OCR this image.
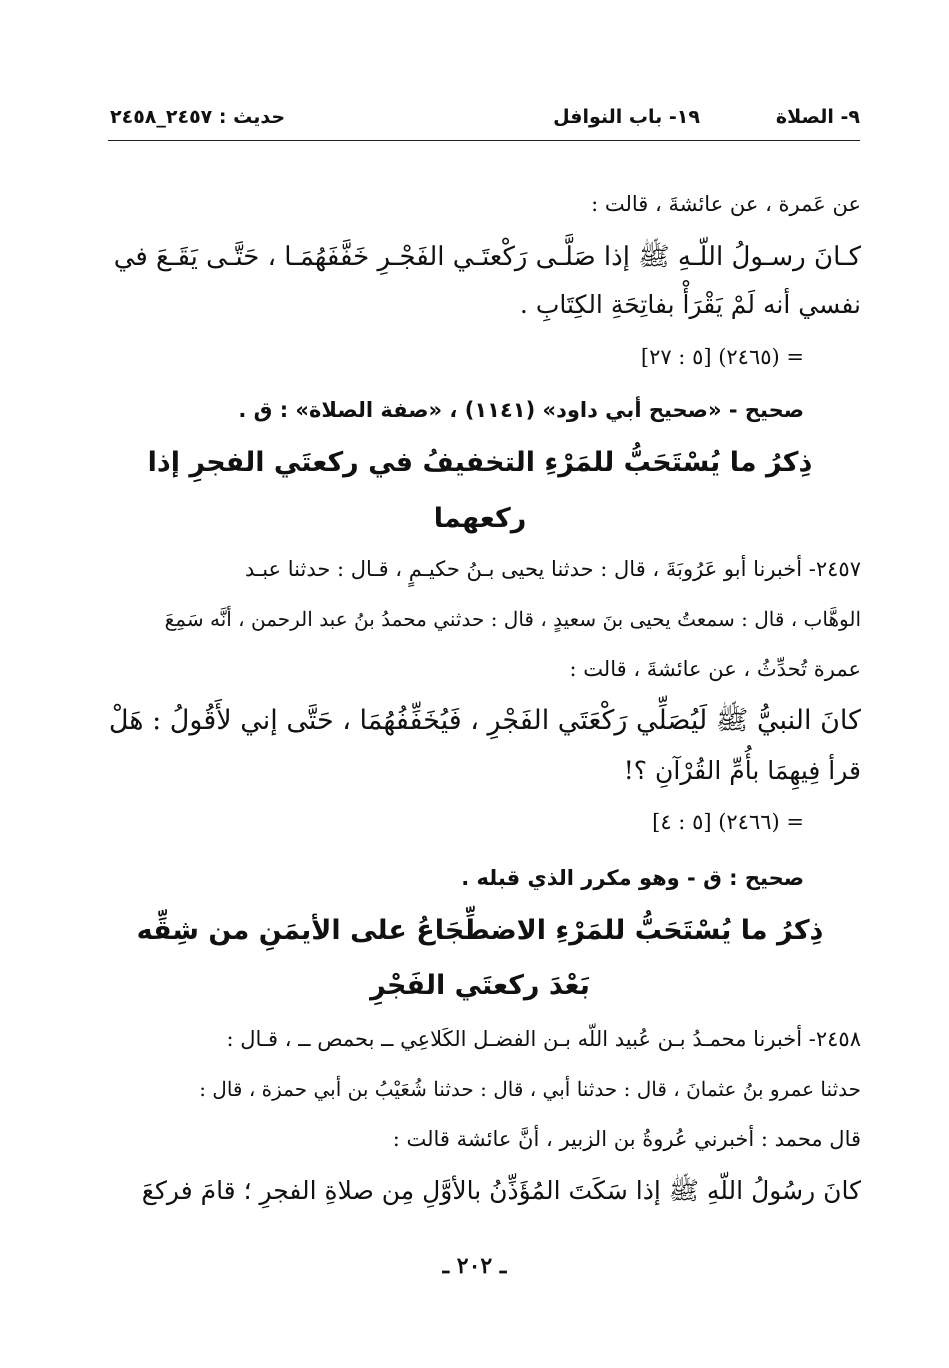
٩- الصلاة
١٩- باب النوافل
حديث : ٢٤٥٧_٢٤٥٨
عن عَمرة ، عن عائشةَ ، قالت :
كـانَ رسـولُ اللّـهِ ﷺ إذا صَلَّـى رَكْعتَـي الفَجْـرِ خَفَّفَهُمَـا ، حَتَّـى يَقَـعَ في
نفسي أنه لَمْ يَقْرَأْ بفاتِحَةِ الكِتَابِ .
= (٢٤٦٥) [٥ : ٢٧]
صحيح - «صحيح أبي داود» (١١٤١) ، «صفة الصلاة» : ق .
ذِكرُ ما يُسْتَحَبُّ للمَرْءِ التخفيفُ في ركعتَي الفجرِ إذا
ركعهما
٢٤٥٧- أخبرنا أبو عَرُوبَةَ ، قال : حدثنا يحيى بـنُ حكيـمٍ ، قـال : حدثنا عبـد
الوهَّاب ، قال : سمعتُ يحيى بنَ سعيدٍ ، قال : حدثني محمدُ بنُ عبد الرحمن ، أنَّه سَمِعَ
عمرة تُحدِّثُ ، عن عائشةَ ، قالت :
كانَ النبيُّ ﷺ لَيُصَلِّي رَكْعَتَي الفَجْرِ ، فَيُخَفِّفُهُمَا ، حَتَّى إني لأَقُولُ : هَلْ
قرأ فِيهِمَا بأُمِّ القُرْآنِ ؟!
= (٢٤٦٦) [٥ : ٤]
صحيح : ق - وهو مكرر الذي قبله .
ذِكرُ ما يُسْتَحَبُّ للمَرْءِ الاضطِّجَاعُ على الأيمَنِ من شِقِّه
بَعْدَ ركعتَي الفَجْرِ
٢٤٥٨- أخبرنا محمـدُ بـن عُبيد اللّه بـن الفضـل الكَلاعِي ــ بحمص ــ ، قـال :
حدثنا عمرو بنُ عثمانَ ، قال : حدثنا أبي ، قال : حدثنا شُعَيْبُ بن أبي حمزة ، قال :
قال محمد : أخبرني عُروةُ بن الزبير ، أنَّ عائشة قالت :
كانَ رسُولُ اللّهِ ﷺ إذا سَكَتَ المُؤَذِّنُ بالأوَّلِ مِن صلاةِ الفجرِ ؛ قامَ فركعَ
ـ ٢٠٢ ـ
